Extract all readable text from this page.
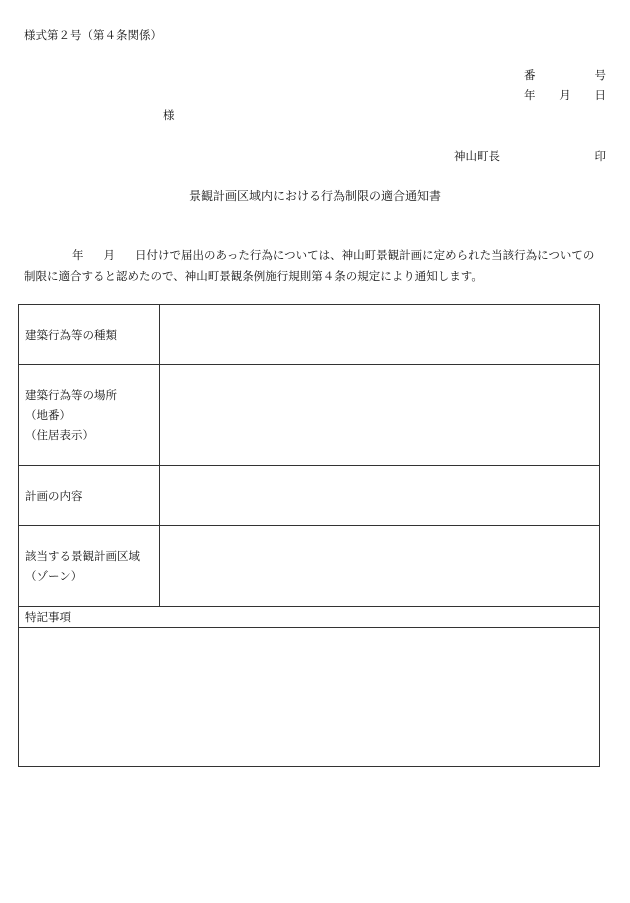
様式第２号（第４条関係）
番	号
年 月 日
様
神山町長	印
景観計画区域内における行為制限の適合通知書
年 月 日付けで届出のあった行為については、神山町景観計画に定められた当該行為についての
制限に適合すると認めたので、神山町景観条例施行規則第４条の規定により通知します。
建築行為等の種類	

建築行為等の場所
（地番）
（住居表示）	

計画の内容	

該当する景観計画区域
（ゾーン）	

特記事項	
